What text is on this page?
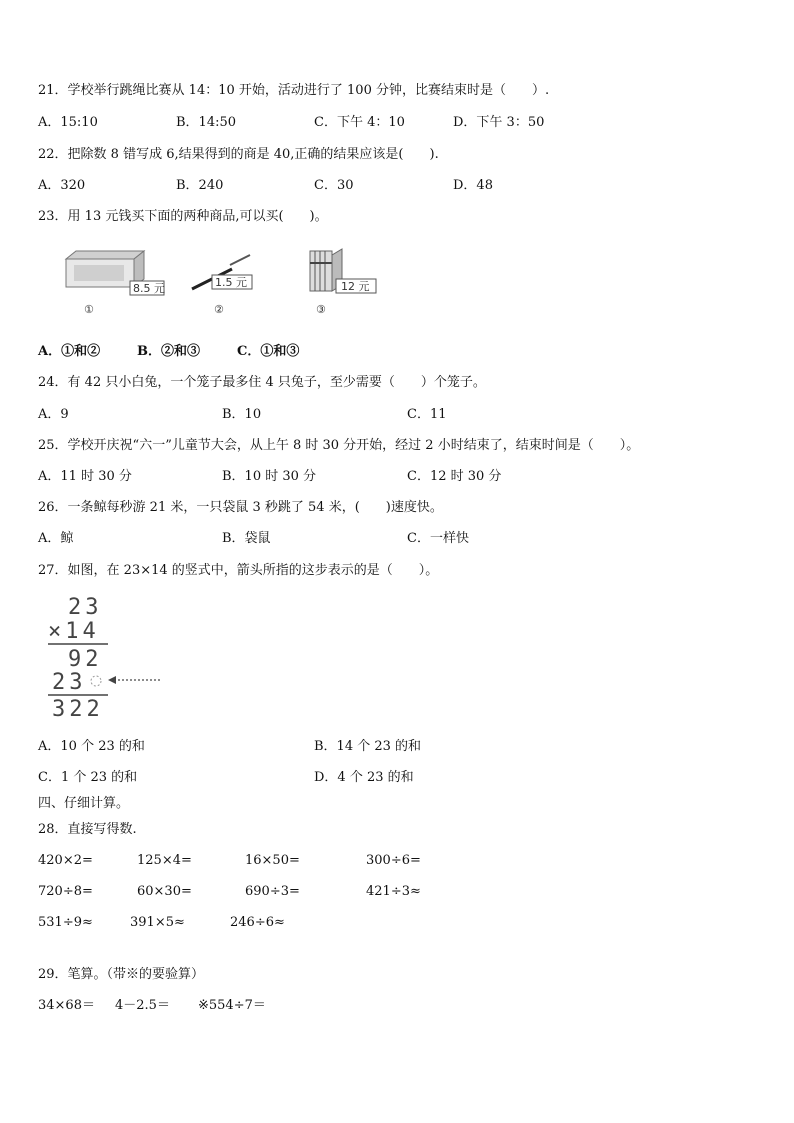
21．学校举行跳绳比赛从 14：10 开始，活动进行了 100 分钟，比赛结束时是（　　）.
A．15:10	B．14:50	C．下午 4：10	D．下午 3：50
22．把除数 8 错写成 6,结果得到的商是 40,正确的结果应该是(　　).
A．320	B．240	C．30	D．48
23．用 13 元钱买下面的两种商品,可以买(　　)。
8.5 元
①
1.5 元
②
12 元
③
A．①和②	B．②和③	C．①和③
24．有 42 只小白兔，一个笼子最多住 4 只兔子，至少需要（　　）个笼子。
A．9	B．10	C．11
25．学校开庆祝“六一”儿童节大会，从上午 8 时 30 分开始，经过 2 小时结束了，结束时间是（　　）。
A．11 时 30 分	B．10 时 30 分	C．12 时 30 分
26．一条鲸每秒游 21 米，一只袋鼠 3 秒跳了 54 米，(　　)速度快。
A．鲸	B．袋鼠	C．一样快
27．如图，在 23×14 的竖式中，箭头所指的这步表示的是（　　）。
23
×14
92
23
322
A．10 个 23 的和	B．14 个 23 的和
C．1 个 23 的和	D．4 个 23 的和
四、仔细计算。
28．直接写得数.
420×2=	125×4=	16×50=	300÷6=
720÷8=	60×30=	690÷3=	421÷3≈
531÷9≈	391×5≈	246÷6≈
29．笔算。（带※的要验算）
34×68＝ 4－2.5＝ ※554÷7＝
